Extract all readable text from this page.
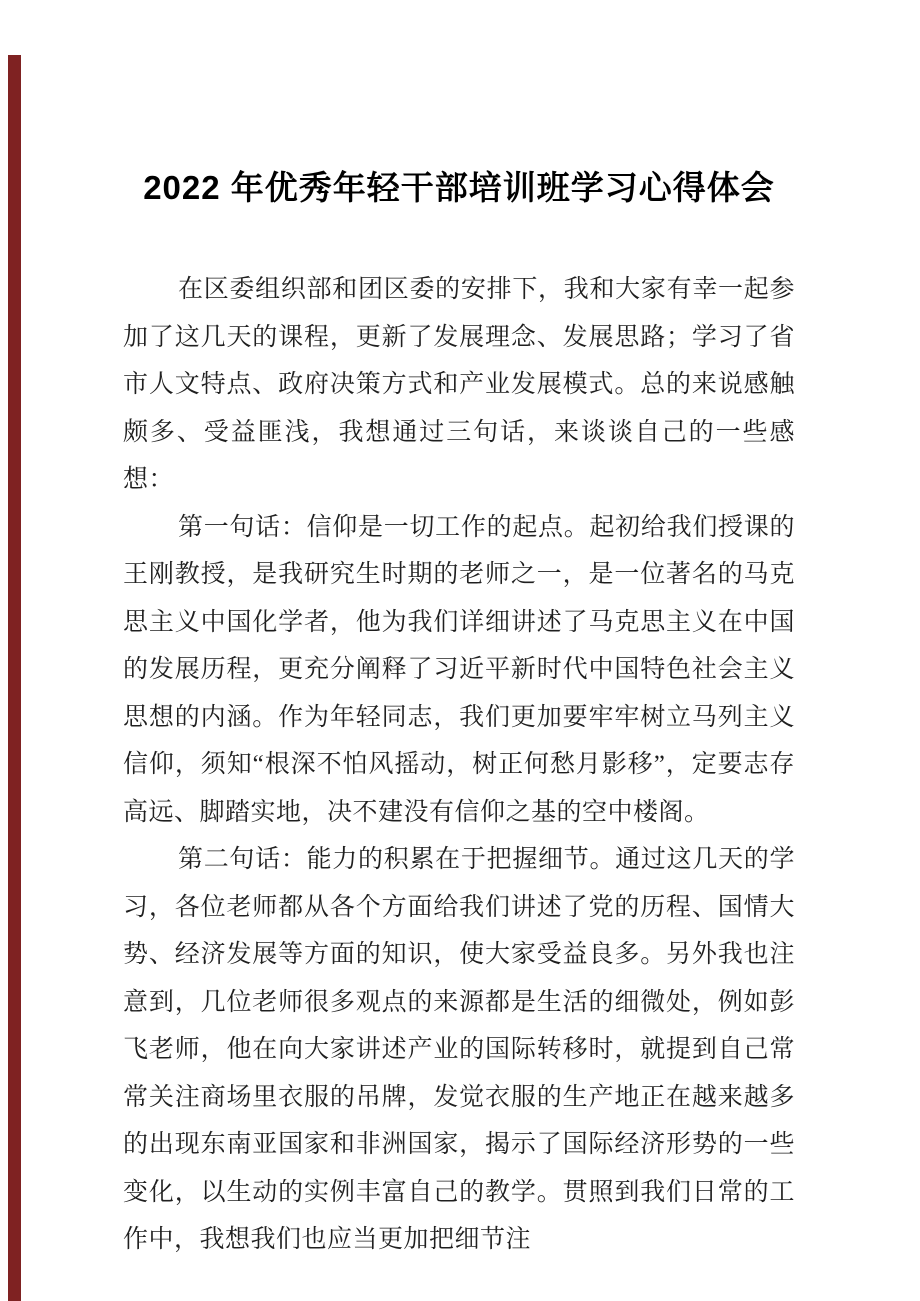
2022 年优秀年轻干部培训班学习心得体会

在区委组织部和团区委的安排下，我和大家有幸一起参加了这几天的课程，更新了发展理念、发展思路；学习了省市人文特点、政府决策方式和产业发展模式。总的来说感触颇多、受益匪浅，我想通过三句话，来谈谈自己的一些感想：

第一句话：信仰是一切工作的起点。起初给我们授课的王刚教授，是我研究生时期的老师之一，是一位著名的马克思主义中国化学者，他为我们详细讲述了马克思主义在中国的发展历程，更充分阐释了习近平新时代中国特色社会主义思想的内涵。作为年轻同志，我们更加要牢牢树立马列主义信仰，须知“根深不怕风摇动，树正何愁月影移”，定要志存高远、脚踏实地，决不建没有信仰之基的空中楼阁。

第二句话：能力的积累在于把握细节。通过这几天的学习，各位老师都从各个方面给我们讲述了党的历程、国情大势、经济发展等方面的知识，使大家受益良多。另外我也注意到，几位老师很多观点的来源都是生活的细微处，例如彭飞老师，他在向大家讲述产业的国际转移时，就提到自己常常关注商场里衣服的吊牌，发觉衣服的生产地正在越来越多的出现东南亚国家和非洲国家，揭示了国际经济形势的一些变化，以生动的实例丰富自己的教学。贯照到我们日常的工作中，我想我们也应当更加把细节注
